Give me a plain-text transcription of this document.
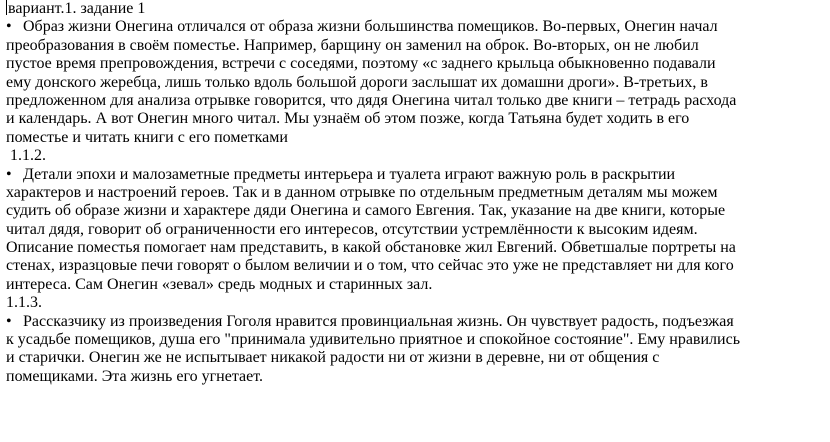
вариант.1. задание 1
• Образ жизни Онегина отличался от образа жизни большинства помещиков. Во-первых, Онегин начал
преобразования в своём поместье. Например, барщину он заменил на оброк. Во-вторых, он не любил
пустое время препровождения, встречи с соседями, поэтому «с заднего крыльца обыкновенно подавали
ему донского жеребца, лишь только вдоль большой дороги заслышат их домашни дроги». В-третьих, в
предложенном для анализа отрывке говорится, что дядя Онегина читал только две книги – тетрадь расхода
и календарь. А вот Онегин много читал. Мы узнаём об этом позже, когда Татьяна будет ходить в его
поместье и читать книги с его пометками
1.1.2.
• Детали эпохи и малозаметные предметы интерьера и туалета играют важную роль в раскрытии
характеров и настроений героев. Так и в данном отрывке по отдельным предметным деталям мы можем
судить об образе жизни и характере дяди Онегина и самого Евгения. Так, указание на две книги, которые
читал дядя, говорит об ограниченности его интересов, отсутствии устремлённости к высоким идеям.
Описание поместья помогает нам представить, в какой обстановке жил Евгений. Обветшалые портреты на
стенах, изразцовые печи говорят о былом величии и о том, что сейчас это уже не представляет ни для кого
интереса. Сам Онегин «зевал» средь модных и старинных зал.
1.1.3.
• Рассказчику из произведения Гоголя нравится провинциальная жизнь. Он чувствует радость, подъезжая
к усадьбе помещиков, душа его "принимала удивительно приятное и спокойное состояние". Ему нравились
и старички. Онегин же не испытывает никакой радости ни от жизни в деревне, ни от общения с
помещиками. Эта жизнь его угнетает.
